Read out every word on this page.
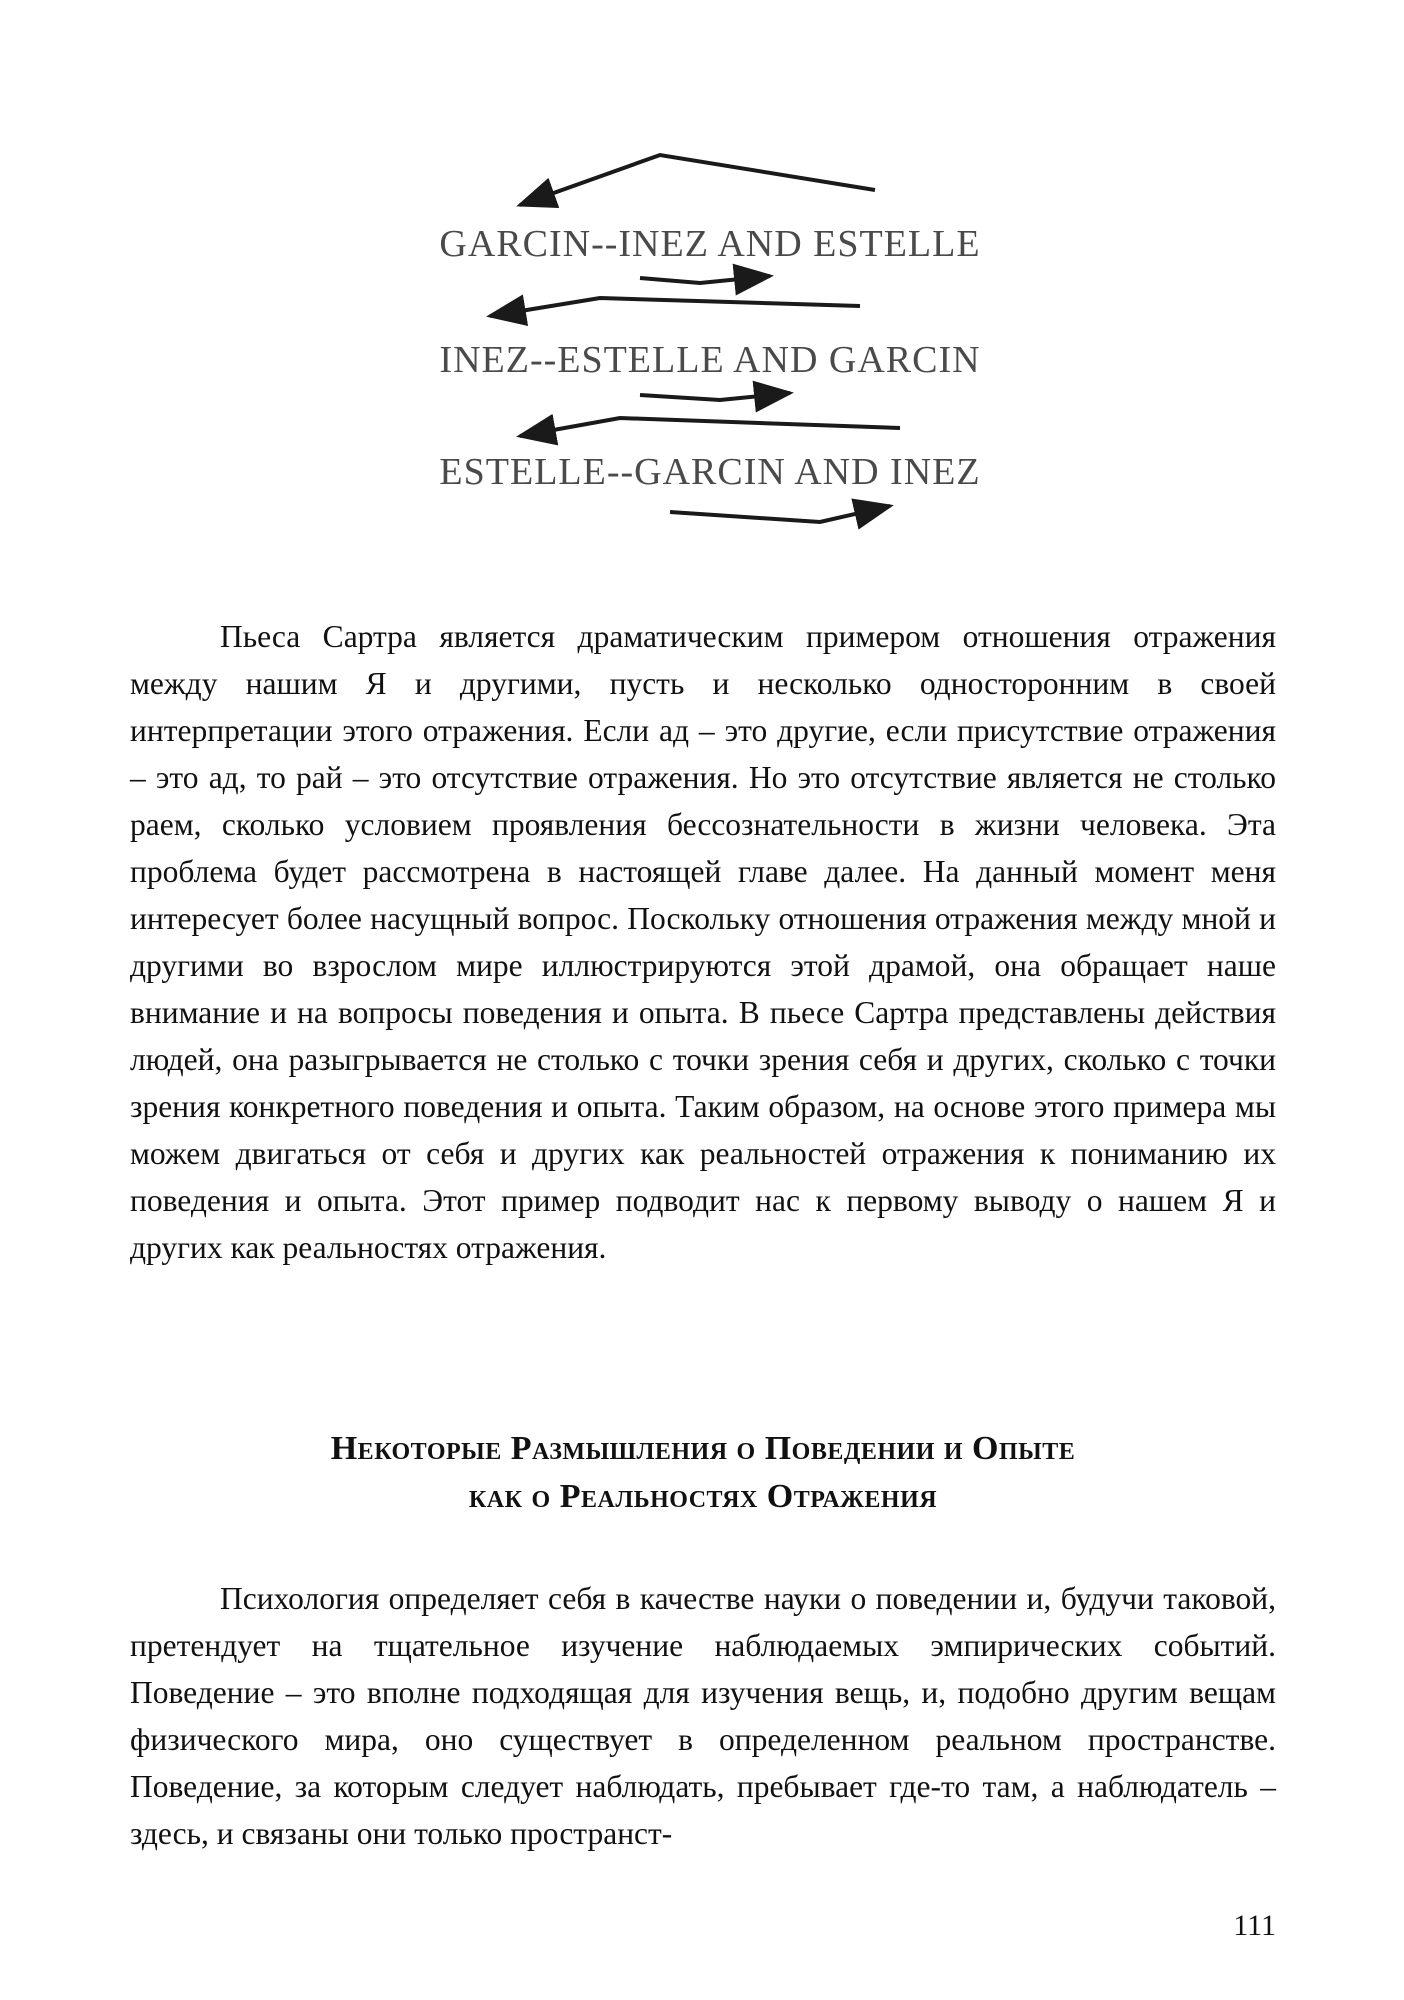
GARCIN--INEZ AND ESTELLE
INEZ--ESTELLE AND GARCIN
ESTELLE--GARCIN AND INEZ

Пьеса Сартра является драматическим примером отношения отражения между нашим Я и другими, пусть и несколько односторонним в своей интерпретации этого отражения. Если ад – это другие, если присутствие отражения – это ад, то рай – это отсутствие отражения. Но это отсутствие является не столько раем, сколько условием проявления бессознательности в жизни человека. Эта проблема будет рассмотрена в настоящей главе далее. На данный момент меня интересует более насущный вопрос. Поскольку отношения отражения между мной и другими во взрослом мире иллюстрируются этой драмой, она обращает наше внимание и на вопросы поведения и опыта. В пьесе Сартра представлены действия людей, она разыгрывается не столько с точки зрения себя и других, сколько с точки зрения конкретного поведения и опыта. Таким образом, на основе этого примера мы можем двигаться от себя и других как реальностей отражения к пониманию их поведения и опыта. Этот пример подводит нас к первому выводу о нашем Я и других как реальностях отражения.

Некоторые Размышления о Поведении и Опыте
как о Реальностях Отражения

Психология определяет себя в качестве науки о поведении и, будучи таковой, претендует на тщательное изучение наблюдаемых эмпирических событий. Поведение – это вполне подходящая для изучения вещь, и, подобно другим вещам физического мира, оно существует в определенном реальном пространстве. Поведение, за которым следует наблюдать, пребывает где-то там, а наблюдатель – здесь, и связаны они только пространст-

111
